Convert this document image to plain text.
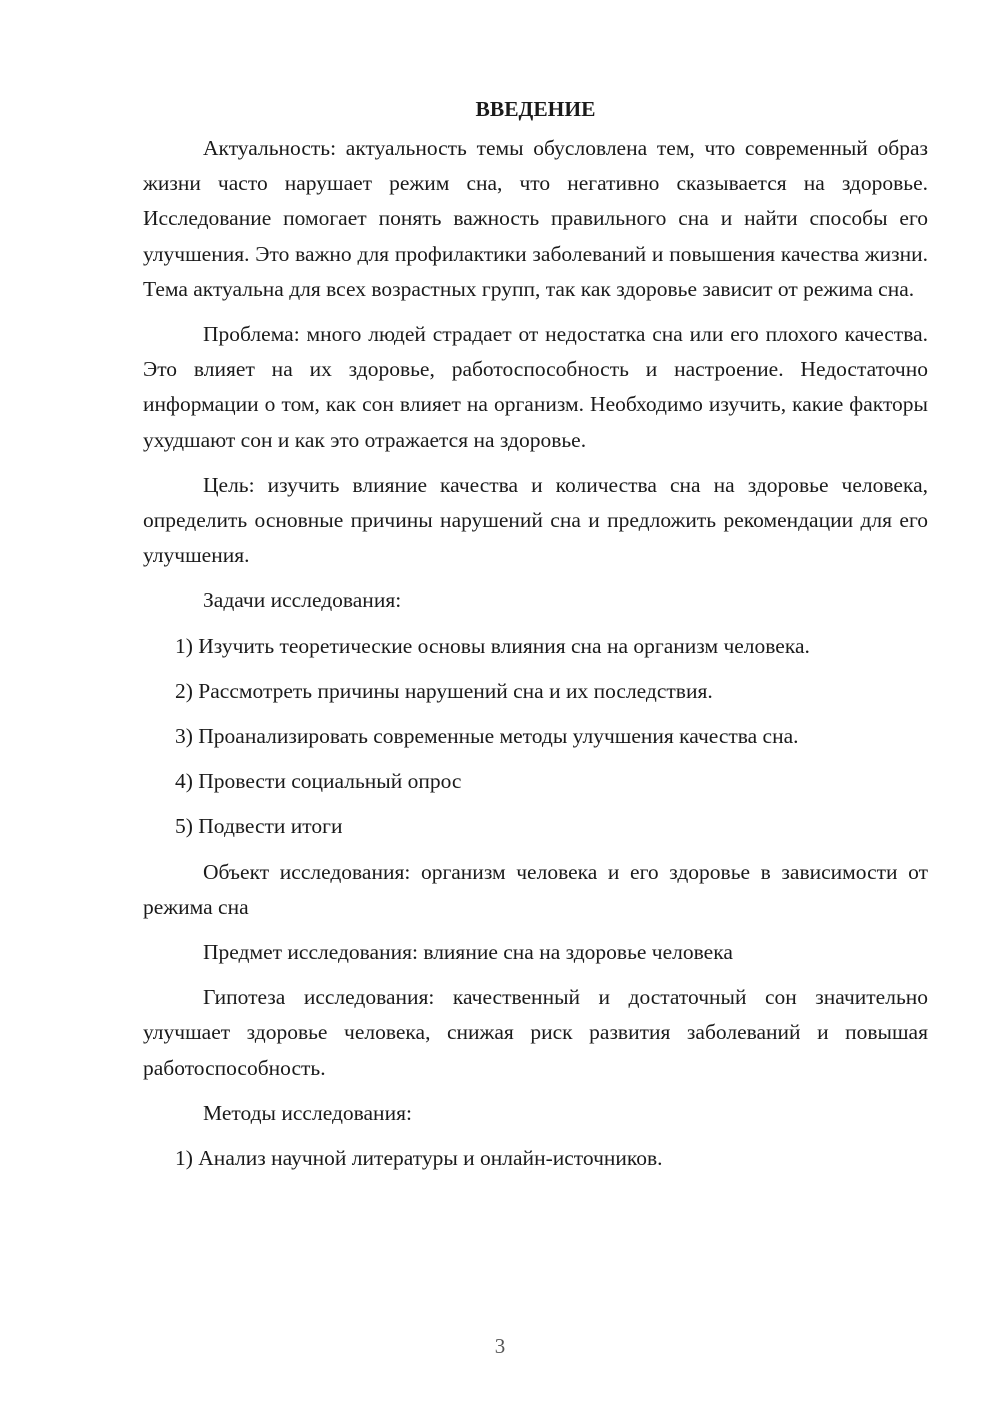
ВВЕДЕНИЕ

Актуальность: актуальность темы обусловлена тем, что современный образ жизни часто нарушает режим сна, что негативно сказывается на здоровье. Исследование помогает понять важность правильного сна и найти способы его улучшения. Это важно для профилактики заболеваний и повышения качества жизни. Тема актуальна для всех возрастных групп, так как здоровье зависит от режима сна.

Проблема: много людей страдает от недостатка сна или его плохого качества. Это влияет на их здоровье, работоспособность и настроение. Недостаточно информации о том, как сон влияет на организм. Необходимо изучить, какие факторы ухудшают сон и как это отражается на здоровье.

Цель: изучить влияние качества и количества сна на здоровье человека, определить основные причины нарушений сна и предложить рекомендации для его улучшения.

Задачи исследования:

1) Изучить теоретические основы влияния сна на организм человека.

2) Рассмотреть причины нарушений сна и их последствия.

3) Проанализировать современные методы улучшения качества сна.

4) Провести социальный опрос

5) Подвести итоги

Объект исследования: организм человека и его здоровье в зависимости от режима сна

Предмет исследования: влияние сна на здоровье человека

Гипотеза исследования: качественный и достаточный сон значительно улучшает здоровье человека, снижая риск развития заболеваний и повышая работоспособность.

Методы исследования:

1) Анализ научной литературы и онлайн-источников.

3
